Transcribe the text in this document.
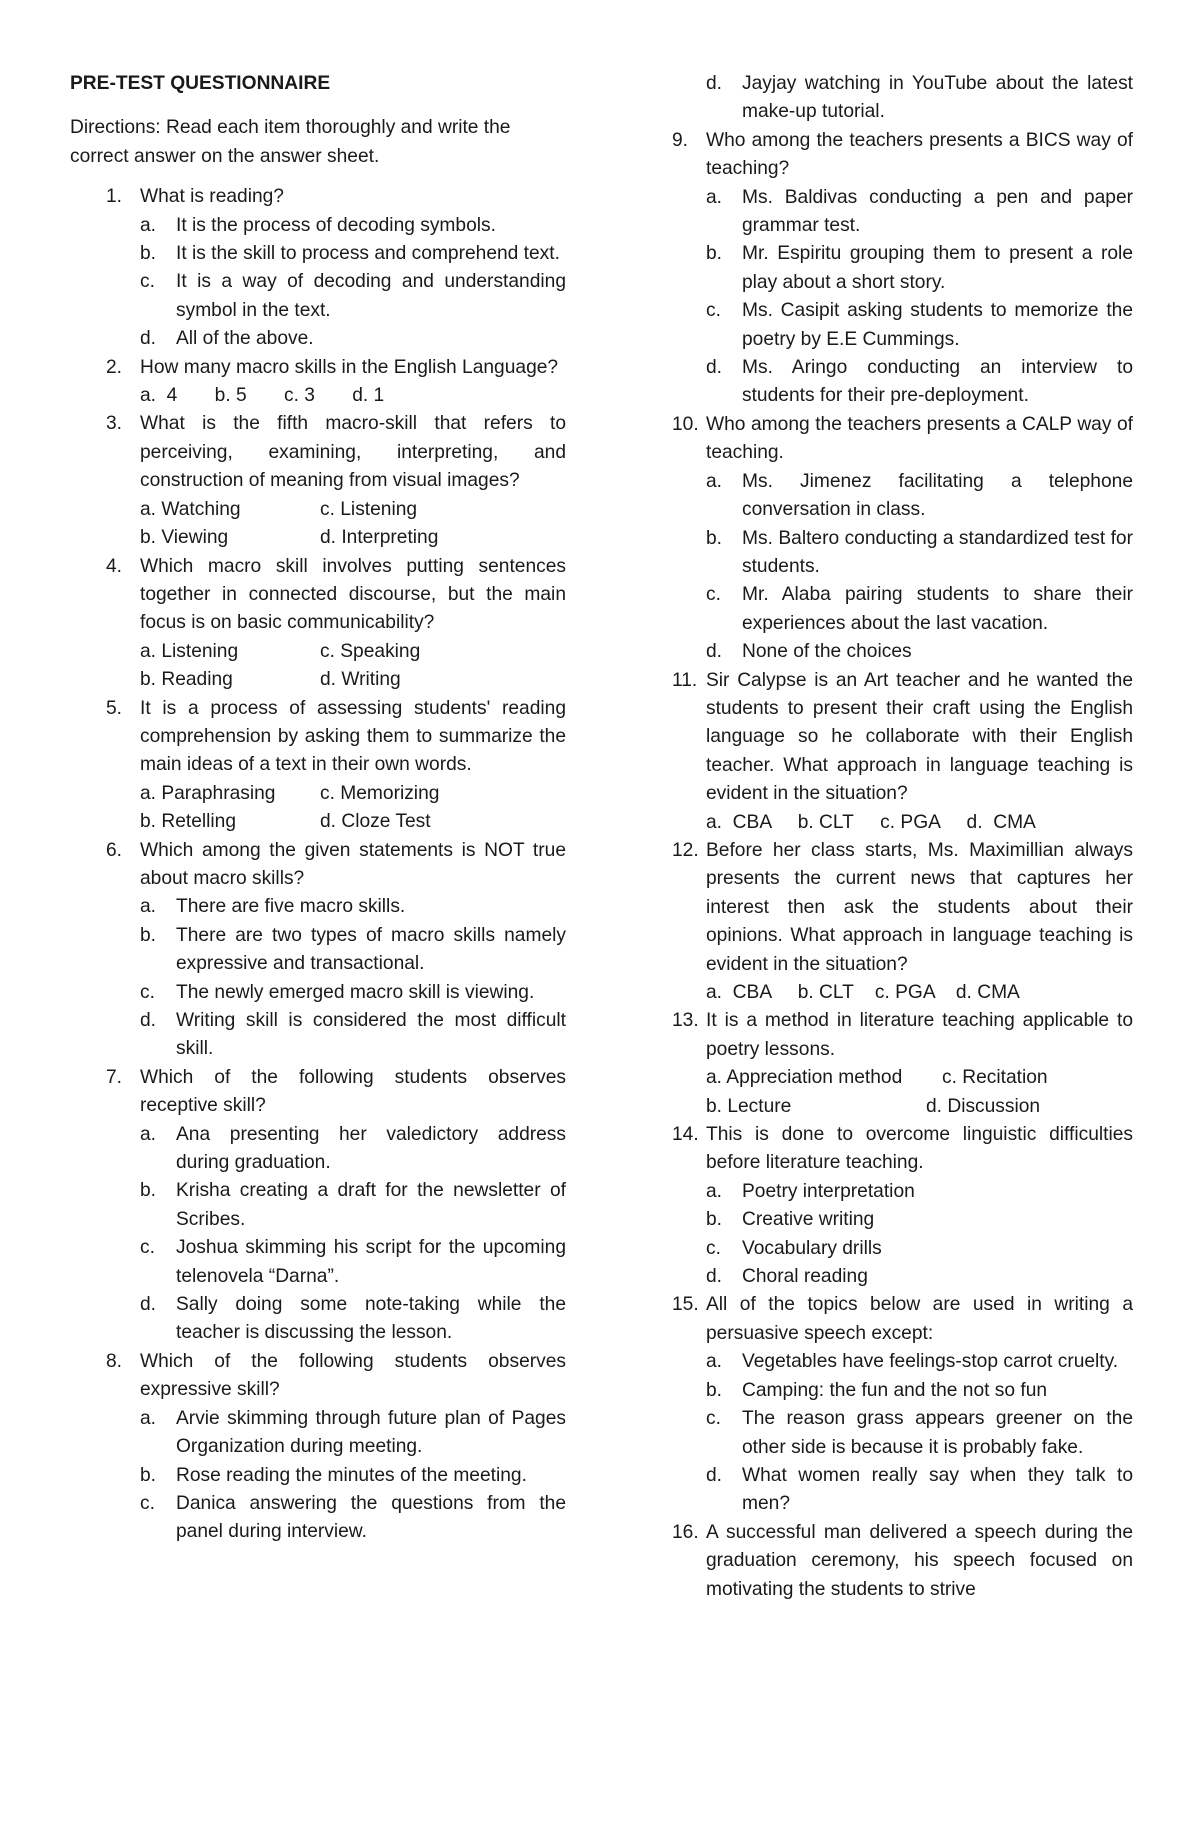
PRE-TEST QUESTIONNAIRE
Directions: Read each item thoroughly and write the correct answer on the answer sheet.
1. What is reading?
a. It is the process of decoding symbols.
b. It is the skill to process and comprehend text.
c. It is a way of decoding and understanding symbol in the text.
d. All of the above.
2. How many macro skills in the English Language?
a.  4       b. 5       c. 3       d. 1
3. What is the fifth macro-skill that refers to perceiving, examining, interpreting, and construction of meaning from visual images?
a. Watching	c. Listening
b. Viewing	d. Interpreting
4. Which macro skill involves putting sentences together in connected discourse, but the main focus is on basic communicability?
a. Listening	c. Speaking
b. Reading	d. Writing
5. It is a process of assessing students' reading comprehension by asking them to summarize the main ideas of a text in their own words.
a. Paraphrasing	c. Memorizing
b. Retelling	d. Cloze Test
6. Which among the given statements is NOT true about macro skills?
a. There are five macro skills.
b. There are two types of macro skills namely expressive and transactional.
c. The newly emerged macro skill is viewing.
d. Writing skill is considered the most difficult skill.
7. Which of the following students observes receptive skill?
a. Ana presenting her valedictory address during graduation.
b. Krisha creating a draft for the newsletter of Scribes.
c. Joshua skimming his script for the upcoming telenovela “Darna”.
d. Sally doing some note-taking while the teacher is discussing the lesson.
8. Which of the following students observes expressive skill?
a. Arvie skimming through future plan of Pages Organization during meeting.
b. Rose reading the minutes of the meeting.
c. Danica answering the questions from the panel during interview.
d. Jayjay watching in YouTube about the latest make-up tutorial.
9. Who among the teachers presents a BICS way of teaching?
a. Ms. Baldivas conducting a pen and paper grammar test.
b. Mr. Espiritu grouping them to present a role play about a short story.
c. Ms. Casipit asking students to memorize the poetry by E.E Cummings.
d. Ms. Aringo conducting an interview to students for their pre-deployment.
10. Who among the teachers presents a CALP way of teaching.
a. Ms. Jimenez facilitating a telephone conversation in class.
b. Ms. Baltero conducting a standardized test for students.
c. Mr. Alaba pairing students to share their experiences about the last vacation.
d. None of the choices
11. Sir Calypse is an Art teacher and he wanted the students to present their craft using the English language so he collaborate with their English teacher. What approach in language teaching is evident in the situation?
a.  CBA     b. CLT     c. PGA     d.  CMA
12. Before her class starts, Ms. Maximillian always presents the current news that captures her interest then ask the students about their opinions. What approach in language teaching is evident in the situation?
a.  CBA     b. CLT    c. PGA    d. CMA
13. It is a method in literature teaching applicable to poetry lessons.
a. Appreciation method	c. Recitation
b. Lecture	d. Discussion
14. This is done to overcome linguistic difficulties before literature teaching.
a. Poetry interpretation
b. Creative writing
c. Vocabulary drills
d. Choral reading
15. All of the topics below are used in writing a persuasive speech except:
a. Vegetables have feelings-stop carrot cruelty.
b. Camping: the fun and the not so fun
c. The reason grass appears greener on the other side is because it is probably fake.
d. What women really say when they talk to men?
16. A successful man delivered a speech during the graduation ceremony, his speech focused on motivating the students to strive
